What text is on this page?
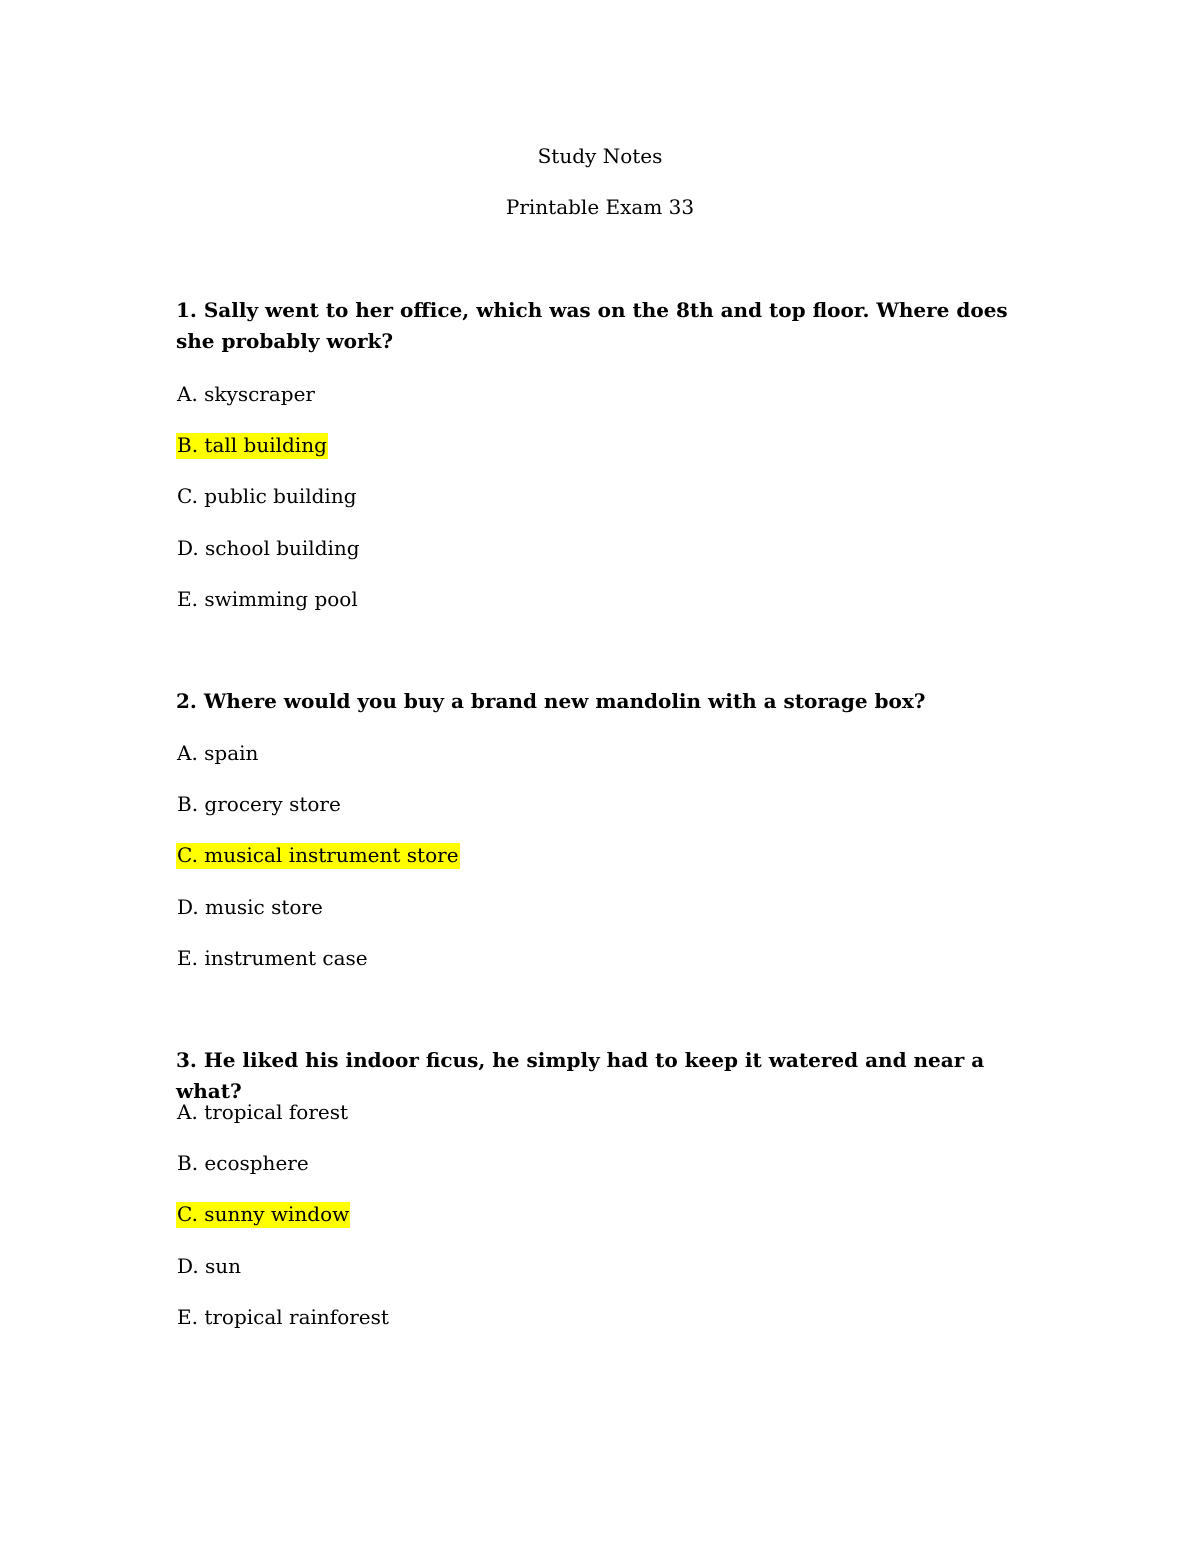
Study Notes
Printable Exam 33
1. Sally went to her office, which was on the 8th and top floor. Where does she probably work?
A. skyscraper
B. tall building
C. public building
D. school building
E. swimming pool
2. Where would you buy a brand new mandolin with a storage box?
A. spain
B. grocery store
C. musical instrument store
D. music store
E. instrument case
3. He liked his indoor ficus, he simply had to keep it watered and near a what?
A. tropical forest
B. ecosphere
C. sunny window
D. sun
E. tropical rainforest
